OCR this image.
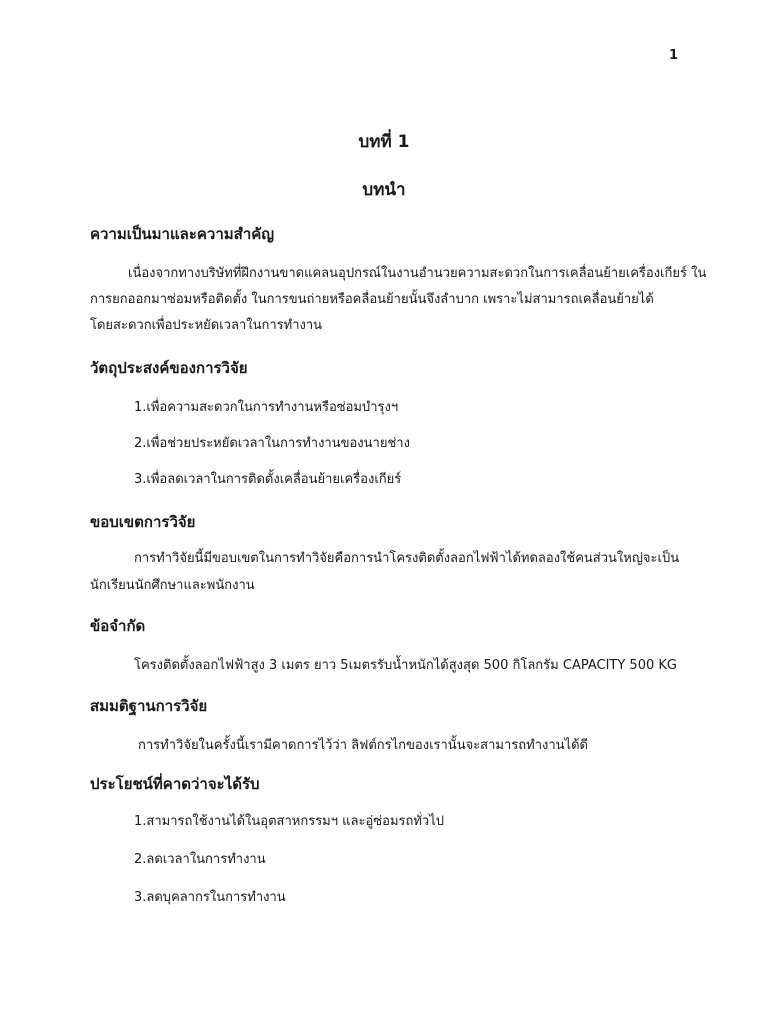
1
บทที่ 1
บทนำ
ความเป็นมาและความสำคัญ
เนื่องจากทางบริษัทที่ฝึกงานขาดแคลนอุปกรณ์ในงานอำนวยความสะดวกในการเคลื่อนย้ายเครื่องเกียร์ ใน
การยกออกมาซ่อมหรือติดตั้ง ในการขนถ่ายหรือคลื่อนย้ายนั้นจึงลำบาก เพราะไม่สามารถเคลื่อนย้ายได้
โดยสะดวกเพื่อประหยัดเวลาในการทำงาน
วัตถุประสงค์ของการวิจัย
1.เพื่อความสะดวกในการทำงานหรือซ่อมบำรุงฯ
2.เพื่อช่วยประหยัดเวลาในการทำงานของนายช่าง
3.เพื่อลดเวลาในการติดตั้งเคลื่อนย้ายเครื่องเกียร์
ขอบเขตการวิจัย
การทำวิจัยนี้มีขอบเขตในการทำวิจัยคือการนำโครงติดตั้งลอกไฟฟ้าได้ทดลองใช้คนส่วนใหญ่จะเป็น
นักเรียนนักศึกษาและพนักงาน
ข้อจำกัด
โครงติดตั้งลอกไฟฟ้าสูง 3 เมตร ยาว 5เมตรรับน้ำหนักได้สูงสุด 500 กิโลกรัม CAPACITY 500 KG
สมมติฐานการวิจัย
การทำวิจัยในครั้งนี้เรามีคาดการไว้ว่า ลิฟต์กรไกของเรานั้นจะสามารถทำงานได้ดี
ประโยชน์ที่คาดว่าจะได้รับ
1.สามารถใช้งานได้ในอุตสาหกรรมฯ และอู่ซ่อมรถทั่วไป
2.ลดเวลาในการทำงาน
3.ลดบุคลากรในการทำงาน
